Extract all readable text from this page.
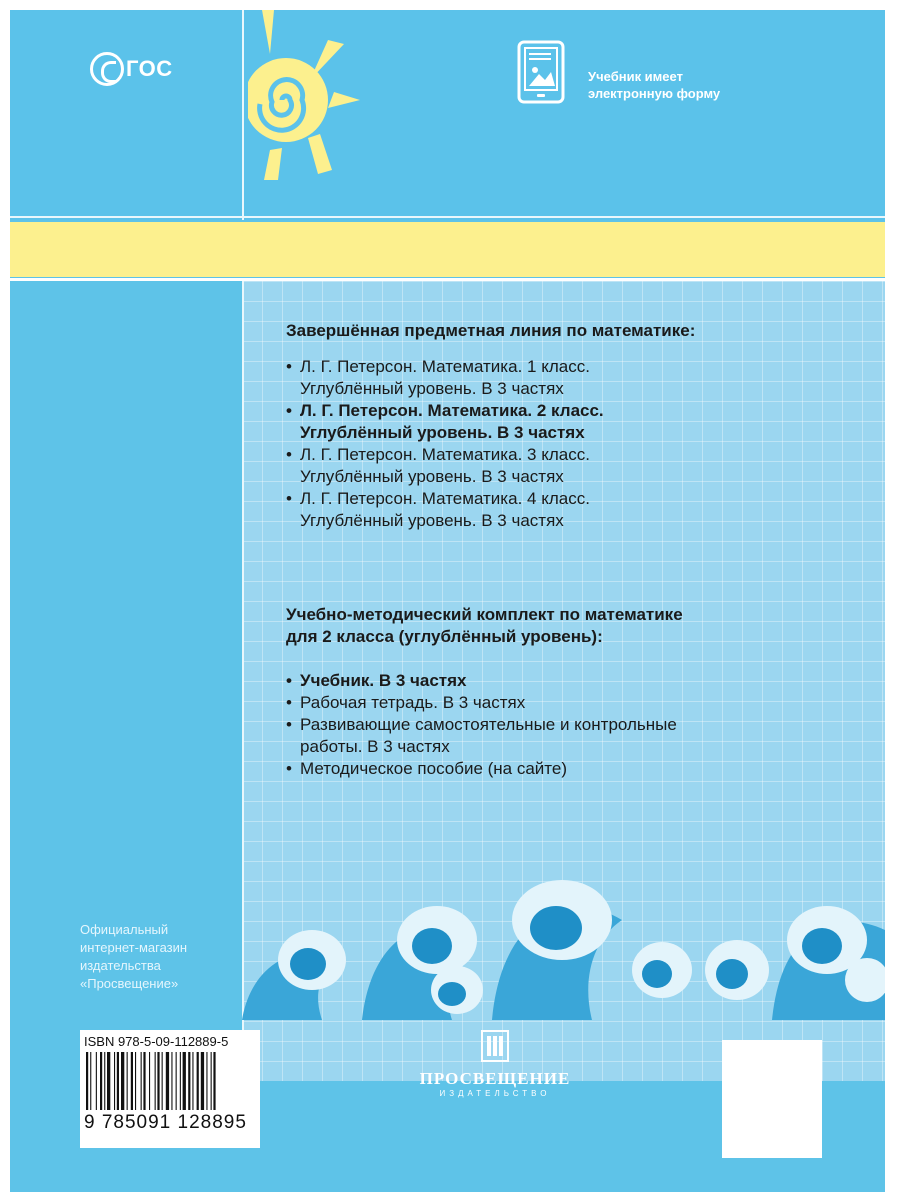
ГОС	Учебник имеет
электронную форму
Завершённая предметная линия по математике:
• Л. Г. Петерсон. Математика. 1 класс.
Углублённый уровень. В 3 частях
• Л. Г. Петерсон. Математика. 2 класс.
Углублённый уровень. В 3 частях
• Л. Г. Петерсон. Математика. 3 класс.
Углублённый уровень. В 3 частях
• Л. Г. Петерсон. Математика. 4 класс.
Углублённый уровень. В 3 частях
Учебно-методический комплект по математике
для 2 класса (углублённый уровень):
• Учебник. В 3 частях
• Рабочая тетрадь. В 3 частях
• Развивающие самостоятельные и контрольные
работы. В 3 частях
• Методическое пособие (на сайте)
Официальный
интернет-магазин
издательства
«Просвещение»
ISBN 978-5-09-112889-5
9 785091 128895
ПРОСВЕЩЕНИЕ
ИЗДАТЕЛЬСТВО
